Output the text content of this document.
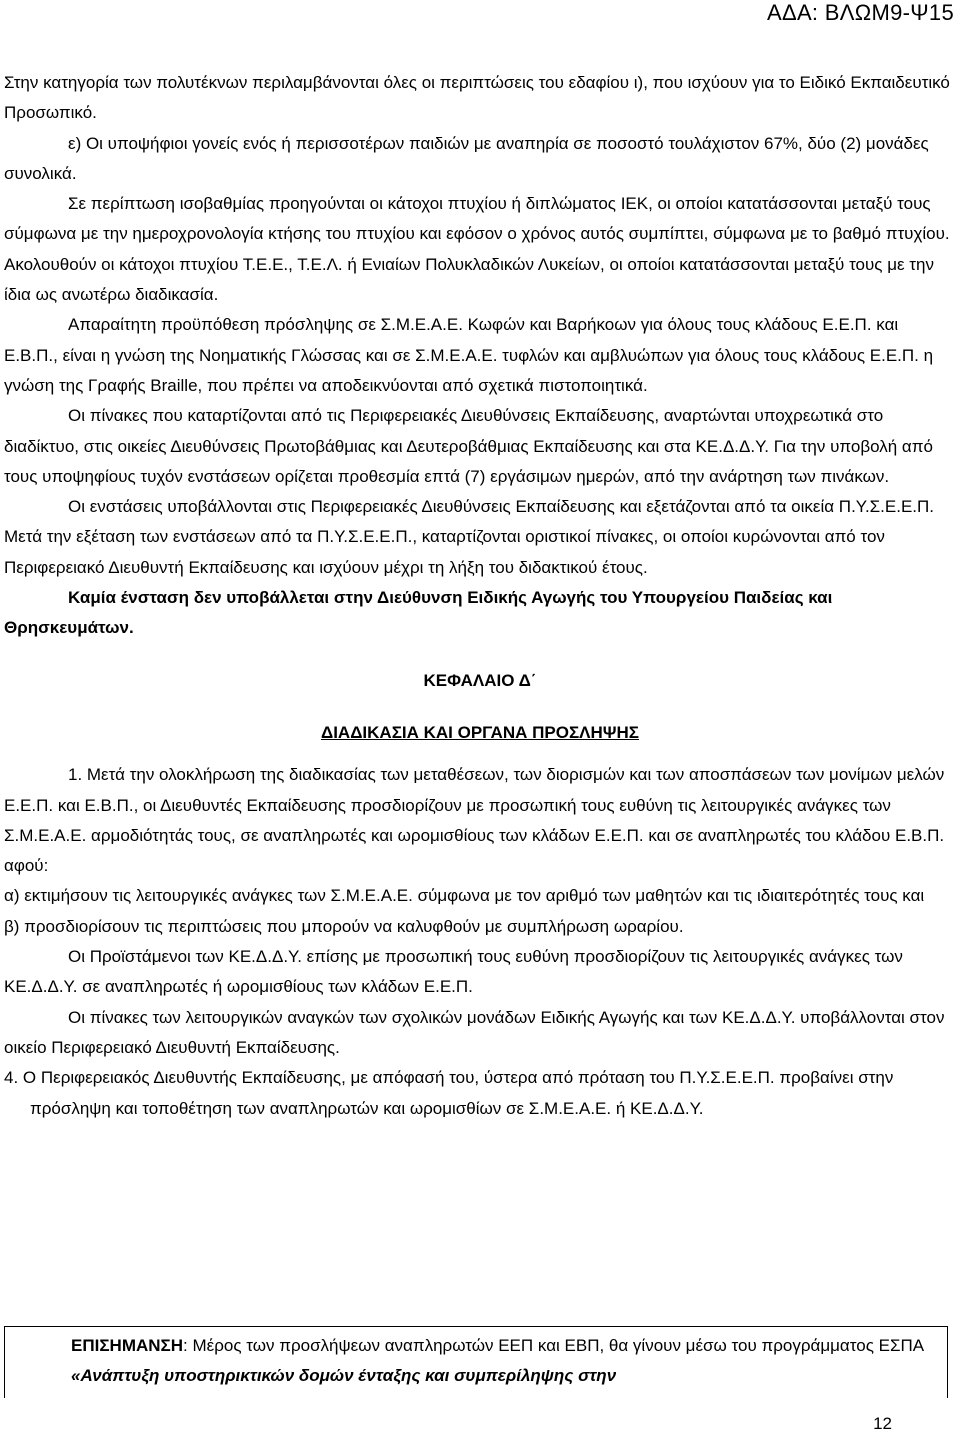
ΑΔΑ: ΒΛΩΜ9-Ψ15

Στην κατηγορία των πολυτέκνων περιλαμβάνονται όλες οι περιπτώσεις του εδαφίου ι), που ισχύουν για το Ειδικό Εκπαιδευτικό Προσωπικό.

ε) Οι υποψήφιοι γονείς ενός ή περισσοτέρων παιδιών με αναπηρία σε ποσοστό τουλάχιστον 67%, δύο (2) μονάδες συνολικά.

Σε περίπτωση ισοβαθμίας προηγούνται οι κάτοχοι πτυχίου ή διπλώματος ΙΕΚ, οι οποίοι κατατάσσονται μεταξύ τους σύμφωνα με την ημεροχρονολογία κτήσης του πτυχίου και εφόσον ο χρόνος αυτός συμπίπτει, σύμφωνα με το βαθμό πτυχίου. Ακολουθούν οι κάτοχοι πτυχίου Τ.Ε.Ε., Τ.Ε.Λ. ή Ενιαίων Πολυκλαδικών Λυκείων, οι οποίοι κατατάσσονται μεταξύ τους με την ίδια ως ανωτέρω διαδικασία.

Απαραίτητη προϋπόθεση πρόσληψης σε Σ.Μ.Ε.Α.Ε. Κωφών και Βαρήκοων για όλους τους κλάδους Ε.Ε.Π. και Ε.Β.Π., είναι η γνώση της Νοηματικής Γλώσσας και σε Σ.Μ.Ε.Α.Ε. τυφλών και αμβλυώπων για όλους τους κλάδους Ε.Ε.Π. η γνώση της Γραφής Braille, που πρέπει να αποδεικνύονται από σχετικά πιστοποιητικά.

Οι πίνακες που καταρτίζονται από τις Περιφερειακές Διευθύνσεις Εκπαίδευσης, αναρτώνται υποχρεωτικά στο διαδίκτυο, στις οικείες Διευθύνσεις Πρωτοβάθμιας και Δευτεροβάθμιας Εκπαίδευσης και στα ΚΕ.Δ.Δ.Υ. Για την υποβολή από τους υποψηφίους τυχόν ενστάσεων ορίζεται προθεσμία επτά (7) εργάσιμων ημερών, από την ανάρτηση των πινάκων.

Οι ενστάσεις υποβάλλονται στις Περιφερειακές Διευθύνσεις Εκπαίδευσης και εξετάζονται από τα οικεία Π.Υ.Σ.Ε.Ε.Π. Μετά την εξέταση των ενστάσεων από τα Π.Υ.Σ.Ε.Ε.Π., καταρτίζονται οριστικοί πίνακες, οι οποίοι κυρώνονται από τον Περιφερειακό Διευθυντή Εκπαίδευσης και ισχύουν μέχρι τη λήξη του διδακτικού έτους.

Καμία ένσταση δεν υποβάλλεται στην Διεύθυνση Ειδικής Αγωγής του Υπουργείου Παιδείας και Θρησκευμάτων.

ΚΕΦΑΛΑΙΟ Δ΄

ΔΙΑΔΙΚΑΣΙΑ ΚΑΙ ΟΡΓΑΝΑ ΠΡΟΣΛΗΨΗΣ

1. Μετά την ολοκλήρωση της διαδικασίας των μεταθέσεων, των διορισμών και των αποσπάσεων των μονίμων μελών Ε.Ε.Π. και Ε.Β.Π., οι Διευθυντές Εκπαίδευσης προσδιορίζουν με προσωπική τους ευθύνη τις λειτουργικές ανάγκες των Σ.Μ.Ε.Α.Ε. αρμοδιότητάς τους, σε αναπληρωτές και ωρομισθίους των κλάδων Ε.Ε.Π. και σε αναπληρωτές του κλάδου Ε.Β.Π. αφού:

α) εκτιμήσουν τις λειτουργικές ανάγκες των Σ.Μ.Ε.Α.Ε. σύμφωνα με τον αριθμό των μαθητών και τις ιδιαιτερότητές τους και

β) προσδιορίσουν τις περιπτώσεις που μπορούν να καλυφθούν με συμπλήρωση ωραρίου.

Οι Προϊστάμενοι των ΚΕ.Δ.Δ.Υ. επίσης με προσωπική τους ευθύνη προσδιορίζουν τις λειτουργικές ανάγκες των ΚΕ.Δ.Δ.Υ. σε αναπληρωτές ή ωρομισθίους των κλάδων Ε.Ε.Π.

Οι πίνακες των λειτουργικών αναγκών των σχολικών μονάδων Ειδικής Αγωγής και των ΚΕ.Δ.Δ.Υ. υποβάλλονται στον οικείο Περιφερειακό Διευθυντή Εκπαίδευσης.

4. Ο Περιφερειακός Διευθυντής Εκπαίδευσης, με απόφασή του, ύστερα από πρόταση του Π.Υ.Σ.Ε.Ε.Π. προβαίνει στην πρόσληψη και τοποθέτηση των αναπληρωτών και ωρομισθίων σε Σ.Μ.Ε.Α.Ε. ή ΚΕ.Δ.Δ.Υ.

ΕΠΙΣΗΜΑΝΣΗ: Μέρος των προσλήψεων αναπληρωτών ΕΕΠ και ΕΒΠ, θα γίνουν μέσω του προγράμματος ΕΣΠΑ «Ανάπτυξη υποστηρικτικών δομών ένταξης και συμπερίληψης στην
12
